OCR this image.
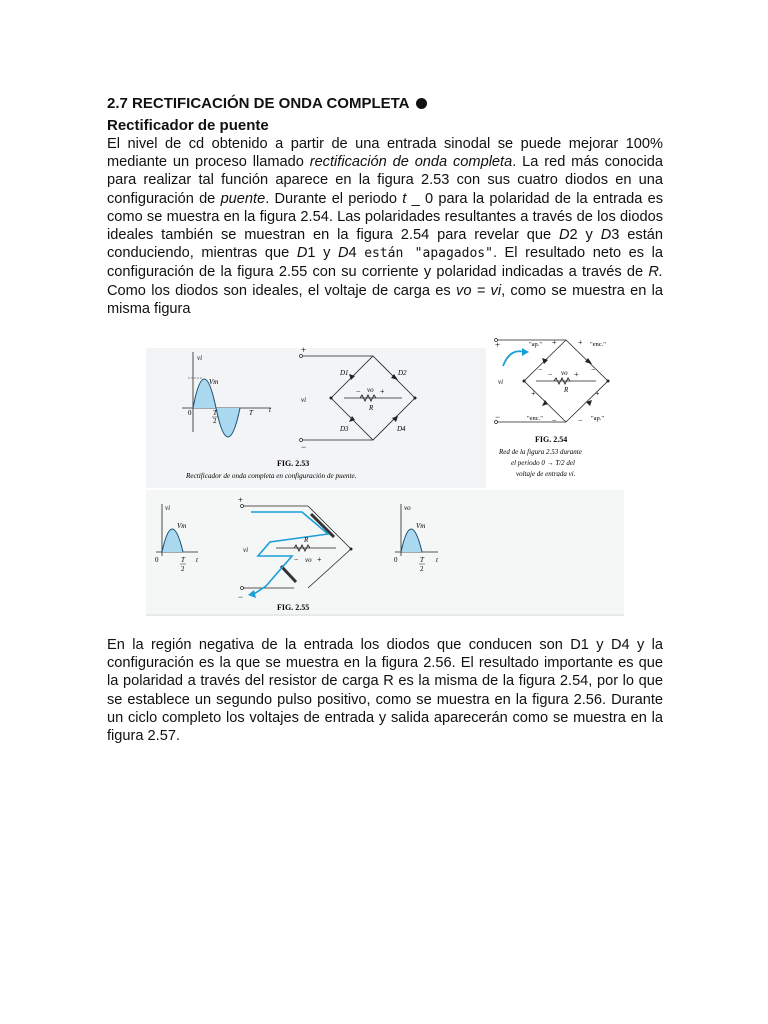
2.7 RECTIFICACIÓN DE ONDA COMPLETA

Rectificador de puente

El nivel de cd obtenido a partir de una entrada sinodal se puede mejorar 100% mediante un proceso llamado rectificación de onda completa. La red más conocida para realizar tal función aparece en la figura 2.53 con sus cuatro diodos en una configuración de puente. Durante el periodo t _ 0 para la polaridad de la entrada es como se muestra en la figura 2.54. Las polaridades resultantes a través de los diodos ideales también se muestran en la figura 2.54 para revelar que D2 y D3 están conduciendo, mientras que D1 y D4 están "apagados". El resultado neto es la configuración de la figura 2.55 con su corriente y polaridad indicadas a través de R. Como los diodos son ideales, el voltaje de carga es vo = vi, como se muestra en la misma figura

vi
Vm
0	t
T
2
T
+
−
vi
D1	D2
D3	D4
vo
− +
R
FIG. 2.53
Rectificador de onda completa en configuración de puente.
+
−
vi
"ap."	"enc."
"enc."	"ap."
+	+
−	−
+	+
−	−
vo
−	+
R
FIG. 2.54
Red de la figura 2.53 durante
el periodo 0 → T/2 del
voltaje de entrada vi.
vi
Vm
0	t
T
2
+
−
vi
R
vo
− +
vo
Vm
0	t
T
2
FIG. 2.55

En la región negativa de la entrada los diodos que conducen son D1 y D4 y la configuración es la que se muestra en la figura 2.56. El resultado importante es que la polaridad a través del resistor de carga R es la misma de la figura 2.54, por lo que se establece un segundo pulso positivo, como se muestra en la figura 2.56. Durante un ciclo completo los voltajes de entrada y salida aparecerán como se muestra en la figura 2.57.
